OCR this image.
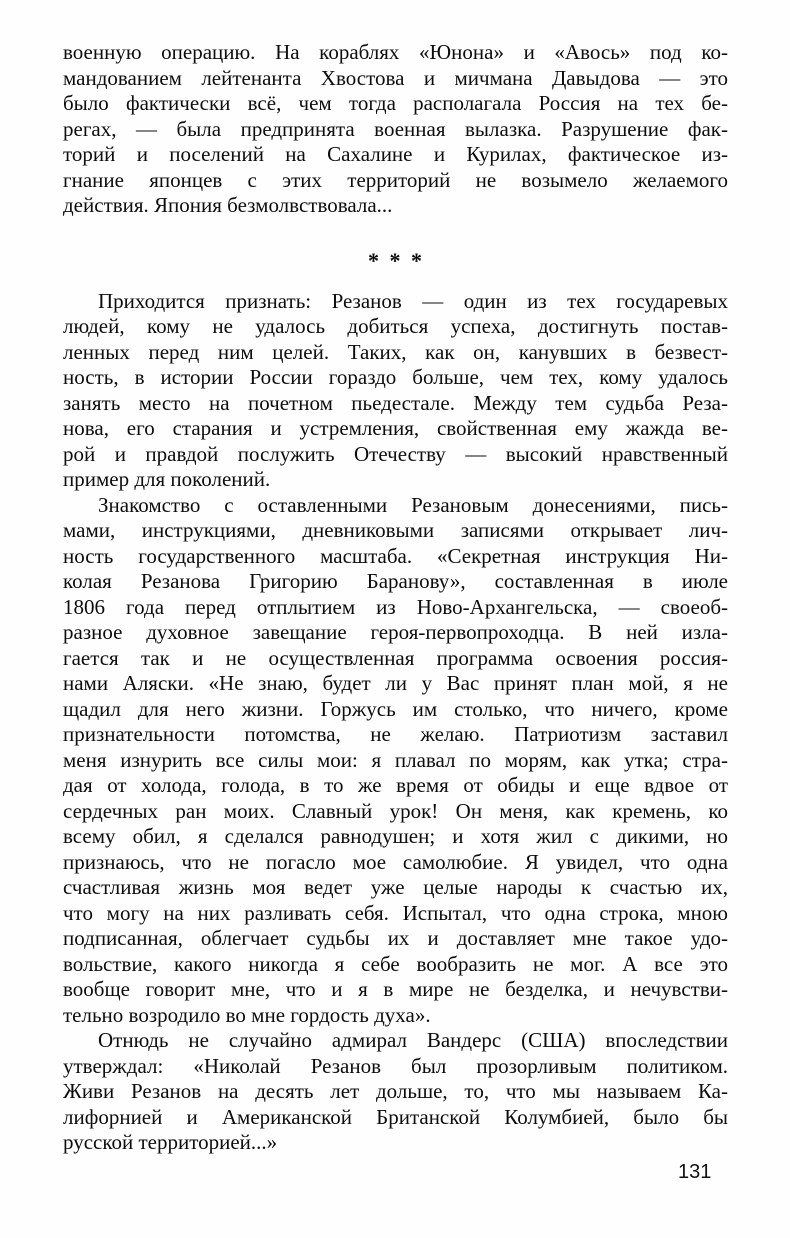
военную операцию. На кораблях «Юнона» и «Авось» под ко-
мандованием лейтенанта Хвостова и мичмана Давыдова — это
было фактически всё, чем тогда располагала Россия на тех бе-
регах, — была предпринята военная вылазка. Разрушение фак-
торий и поселений на Сахалине и Курилах, фактическое из-
гнание японцев с этих территорий не возымело желаемого
действия. Япония безмолвствовала...
* * *
Приходится признать: Резанов — один из тех государевых
людей, кому не удалось добиться успеха, достигнуть постав-
ленных перед ним целей. Таких, как он, канувших в безвест-
ность, в истории России гораздо больше, чем тех, кому удалось
занять место на почетном пьедестале. Между тем судьба Реза-
нова, его старания и устремления, свойственная ему жажда ве-
рой и правдой послужить Отечеству — высокий нравственный
пример для поколений.
Знакомство с оставленными Резановым донесениями, пись-
мами, инструкциями, дневниковыми записями открывает лич-
ность государственного масштаба. «Секретная инструкция Ни-
колая Резанова Григорию Баранову», составленная в июле
1806 года перед отплытием из Ново-Архангельска, — своеоб-
разное духовное завещание героя-первопроходца. В ней изла-
гается так и не осуществленная программа освоения россия-
нами Аляски. «Не знаю, будет ли у Вас принят план мой, я не
щадил для него жизни. Горжусь им столько, что ничего, кроме
признательности потомства, не желаю. Патриотизм заставил
меня изнурить все силы мои: я плавал по морям, как утка; стра-
дая от холода, голода, в то же время от обиды и еще вдвое от
сердечных ран моих. Славный урок! Он меня, как кремень, ко
всему обил, я сделался равнодушен; и хотя жил с дикими, но
признаюсь, что не погасло мое самолюбие. Я увидел, что одна
счастливая жизнь моя ведет уже целые народы к счастью их,
что могу на них разливать себя. Испытал, что одна строка, мною
подписанная, облегчает судьбы их и доставляет мне такое удо-
вольствие, какого никогда я себе вообразить не мог. А все это
вообще говорит мне, что и я в мире не безделка, и нечувстви-
тельно возродило во мне гордость духа».
Отнюдь не случайно адмирал Вандерс (США) впоследствии
утверждал: «Николай Резанов был прозорливым политиком.
Живи Резанов на десять лет дольше, то, что мы называем Ка-
лифорнией и Американской Британской Колумбией, было бы
русской территорией...»
131
